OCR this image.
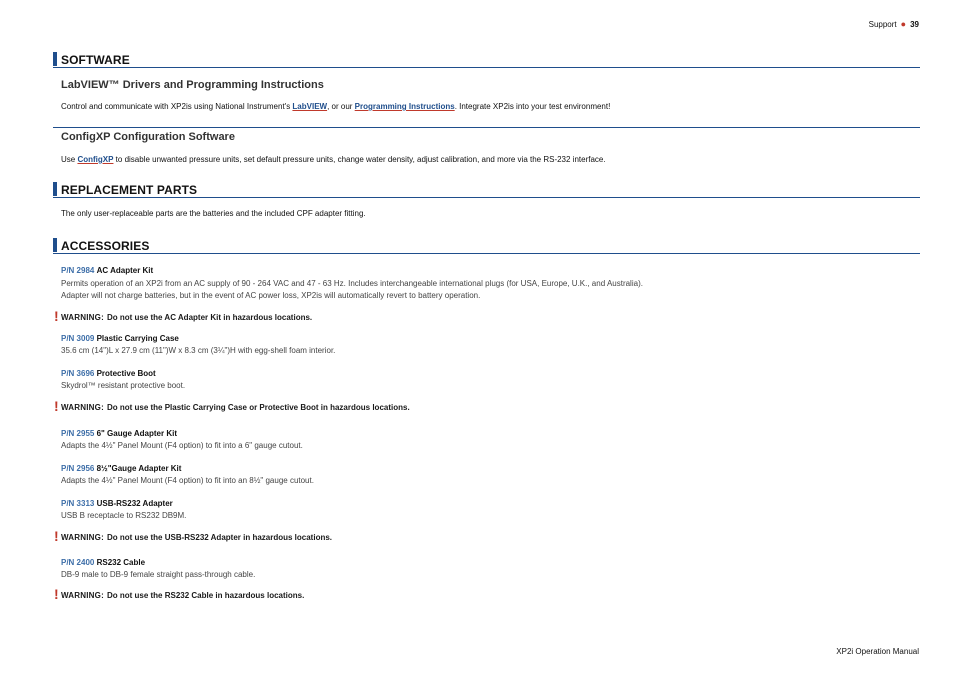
Support ● 39
SOFTWARE
LabVIEW™ Drivers and Programming Instructions
Control and communicate with XP2is using National Instrument's LabVIEW, or our Programming Instructions. Integrate XP2is into your test environment!
ConfigXP Configuration Software
Use ConfigXP to disable unwanted pressure units, set default pressure units, change water density, adjust calibration, and more via the RS-232 interface.
REPLACEMENT PARTS
The only user-replaceable parts are the batteries and the included CPF adapter fitting.
ACCESSORIES
P/N 2984 AC Adapter Kit
Permits operation of an XP2i from an AC supply of 90 - 264 VAC and 47 - 63 Hz. Includes interchangeable international plugs (for USA, Europe, U.K., and Australia).
Adapter will not charge batteries, but in the event of AC power loss, XP2is will automatically revert to battery operation.
! WARNING: Do not use the AC Adapter Kit in hazardous locations.
P/N 3009 Plastic Carrying Case
35.6 cm (14")L x 27.9 cm (11")W x 8.3 cm (3¼")H with egg-shell foam interior.
P/N 3696 Protective Boot
Skydrol™ resistant protective boot.
! WARNING: Do not use the Plastic Carrying Case or Protective Boot in hazardous locations.
P/N 2955 6" Gauge Adapter Kit
Adapts the 4½" Panel Mount (F4 option) to fit into a 6" gauge cutout.
P/N 2956 8½"Gauge Adapter Kit
Adapts the 4½" Panel Mount (F4 option) to fit into an 8½" gauge cutout.
P/N 3313 USB-RS232 Adapter
USB B receptacle to RS232 DB9M.
! WARNING: Do not use the USB-RS232 Adapter in hazardous locations.
P/N 2400 RS232 Cable
DB-9 male to DB-9 female straight pass-through cable.
! WARNING: Do not use the RS232 Cable in hazardous locations.
XP2i Operation Manual
